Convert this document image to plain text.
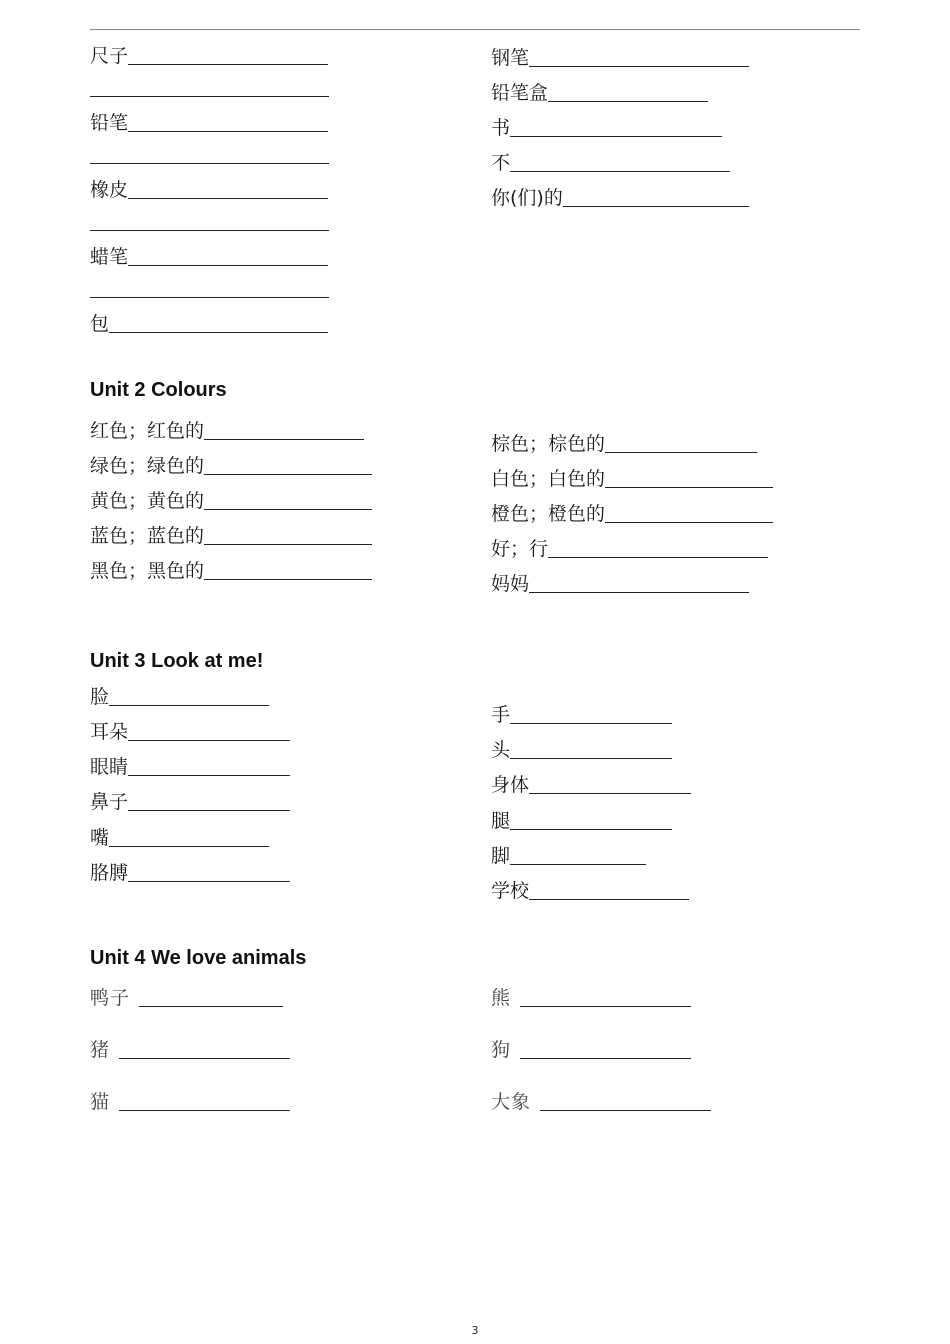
尺子
铅笔
橡皮
蜡笔
包
钢笔
铅笔盒
书
不
你(们)的
Unit 2 Colours
红色；红色的
绿色；绿色的
黄色；黄色的
蓝色；蓝色的
黑色；黑色的
棕色；棕色的
白色；白色的
橙色；橙色的
好；行
妈妈
Unit 3 Look at me!
脸
耳朵
眼睛
鼻子
嘴
胳膊
手
头
身体
腿
脚
学校
Unit 4 We love animals
鸭子
猪
猫
熊
狗
大象
3
